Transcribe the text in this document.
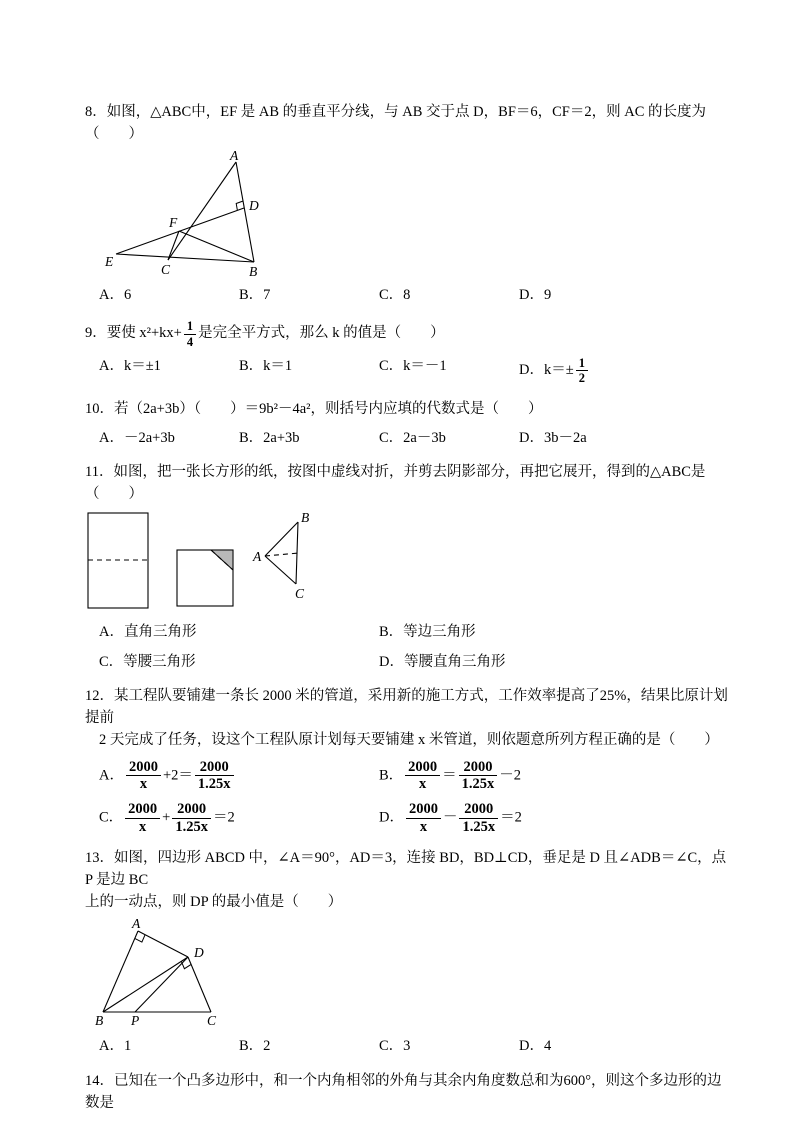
8．如图，△ABC中，EF 是 AB 的垂直平分线，与 AB 交于点 D，BF＝6，CF＝2，则 AC 的长度为（　　）

A
D
F
E
C	B
A．6	B．7	C．8	D．9

9．要使 $x^2+kx+ \frac{1}{4}$ 是完全平方式，那么 k 的值是（　　）

A．k＝±1	B．k＝1	C．k＝－1	D．$k=\pm \frac{1}{2}$

10．若（2a+3b）（　　）＝9b²－4a²，则括号内应填的代数式是（　　）

A．－2a+3b	B．2a+3b	C．2a－3b	D．3b－2a

11．如图，把一张长方形的纸，按图中虚线对折，并剪去阴影部分，再把它展开，得到的△ABC是（　　）

B
A
C
A．直角三角形	B．等边三角形
C．等腰三角形	D．等腰直角三角形

12．某工程队要铺建一条长 2000 米的管道，采用新的施工方式，工作效率提高了25%，结果比原计划提前

2 天完成了任务，设这个工程队原计划每天要铺建 x 米管道，则依题意所列方程正确的是（　　）

A． $\frac{2000}{x} +2= \frac{2000}{1.25x}$	B． $\frac{2000}{x} = \frac{2000}{1.25x} -2$
C． $\frac{2000}{x} + \frac{2000}{1.25x} =2$	D． $\frac{2000}{x} - \frac{2000}{1.25x} =2$

13．如图，四边形 ABCD 中，∠A＝90°，AD＝3，连接 BD，BD⊥CD，垂足是 D 且∠ADB＝∠C，点 P 是边 BC

上的一动点，则 DP 的最小值是（　　）

A
D
B P	C
A．1	B．2	C．3	D．4

14．已知在一个凸多边形中，和一个内角相邻的外角与其余内角度数总和为600°，则这个多边形的边数是
